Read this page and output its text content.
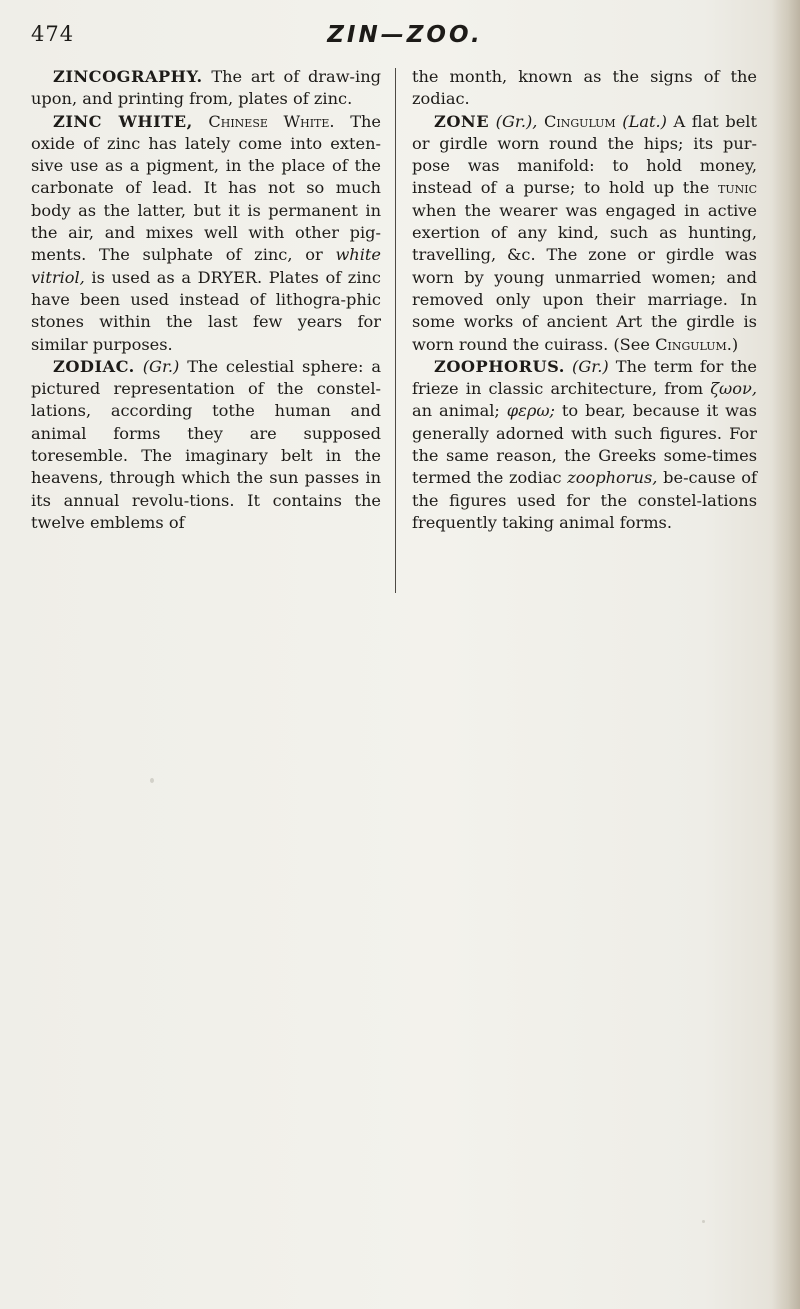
474	ZIN—ZOO.

ZINCOGRAPHY. The art of draw-ing upon, and printing from, plates of zinc.

ZINC WHITE, Chinese White. The oxide of zinc has lately come into exten-sive use as a pigment, in the place of the carbonate of lead. It has not so much body as the latter, but it is permanent in the air, and mixes well with other pig-ments. The sulphate of zinc, or white vitriol, is used as a DRYER. Plates of zinc have been used instead of lithogra-phic stones within the last few years for similar purposes.

ZODIAC. (Gr.) The celestial sphere: a pictured representation of the constel-lations, according tothe human and animal forms they are supposed toresemble. The imaginary belt in the heavens, through which the sun passes in its annual revolu-tions. It contains the twelve emblems of

the month, known as the signs of the zodiac.

ZONE (Gr.), Cingulum (Lat.) A flat belt or girdle worn round the hips; its pur-pose was manifold: to hold money, instead of a purse; to hold up the tunic when the wearer was engaged in active exertion of any kind, such as hunting, travelling, &c. The zone or girdle was worn by young unmarried women; and removed only upon their marriage. In some works of ancient Art the girdle is worn round the cuirass. (See Cingulum.)

ZOOPHORUS. (Gr.) The term for the frieze in classic architecture, from ζωον, an animal; φερω; to bear, because it was generally adorned with such figures. For the same reason, the Greeks some-times termed the zodiac zoophorus, be-cause of the figures used for the constel-lations frequently taking animal forms.
